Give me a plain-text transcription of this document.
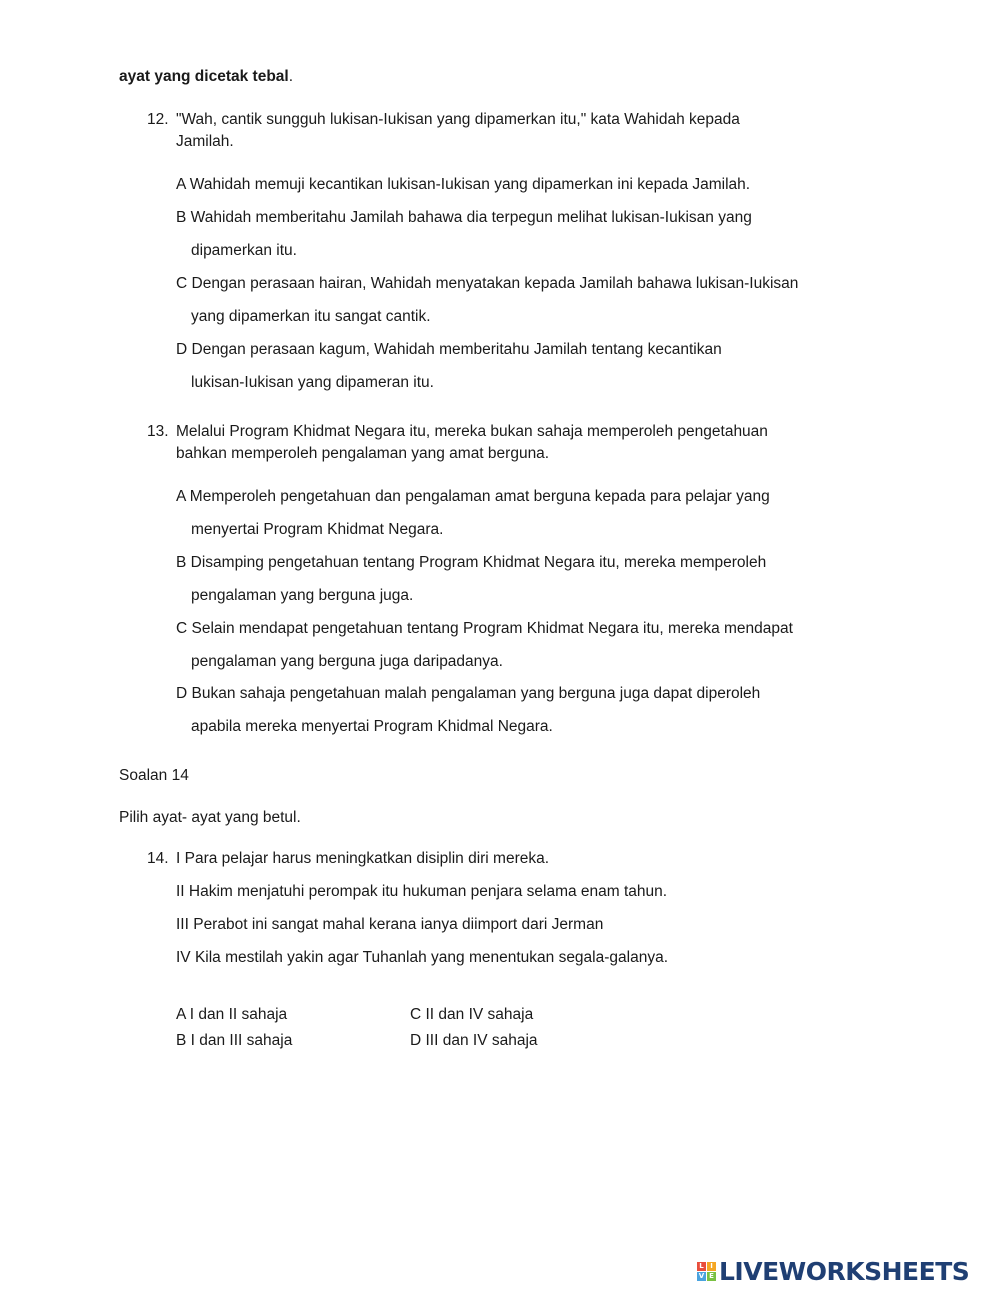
ayat yang dicetak tebal.
12. "Wah, cantik sungguh lukisan-Iukisan yang dipamerkan itu," kata Wahidah kepada
Jamilah.
A Wahidah memuji kecantikan lukisan-Iukisan yang dipamerkan ini kepada Jamilah.
B Wahidah memberitahu Jamilah bahawa dia terpegun melihat lukisan-Iukisan yang
dipamerkan itu.
C Dengan perasaan hairan, Wahidah menyatakan kepada Jamilah bahawa lukisan-Iukisan
yang dipamerkan itu sangat cantik.
D Dengan perasaan kagum, Wahidah memberitahu Jamilah tentang kecantikan
lukisan-Iukisan yang dipameran itu.
13. Melalui Program Khidmat Negara itu, mereka bukan sahaja memperoleh pengetahuan
bahkan memperoleh pengalaman yang amat berguna.
A Memperoleh pengetahuan dan pengalaman amat berguna kepada para pelajar yang
menyertai Program Khidmat Negara.
B Disamping pengetahuan tentang Program Khidmat Negara itu, mereka memperoleh
pengalaman yang berguna juga.
C Selain mendapat pengetahuan tentang Program Khidmat Negara itu, mereka mendapat
pengalaman yang berguna juga daripadanya.
D Bukan sahaja pengetahuan malah pengalaman yang berguna juga dapat diperoleh
apabila mereka menyertai Program Khidmal Negara.
Soalan 14
Pilih ayat- ayat yang betul.
14. I Para pelajar harus meningkatkan disiplin diri mereka.
II Hakim menjatuhi perompak itu hukuman penjara selama enam tahun.
III Perabot ini sangat mahal kerana ianya diimport dari Jerman
IV Kila mestilah yakin agar Tuhanlah yang menentukan segala-galanya.
A I dan II sahaja
B I dan III sahaja
C II dan IV sahaja
D III dan IV sahaja
L I
V E LIVEWORKSHEETS
